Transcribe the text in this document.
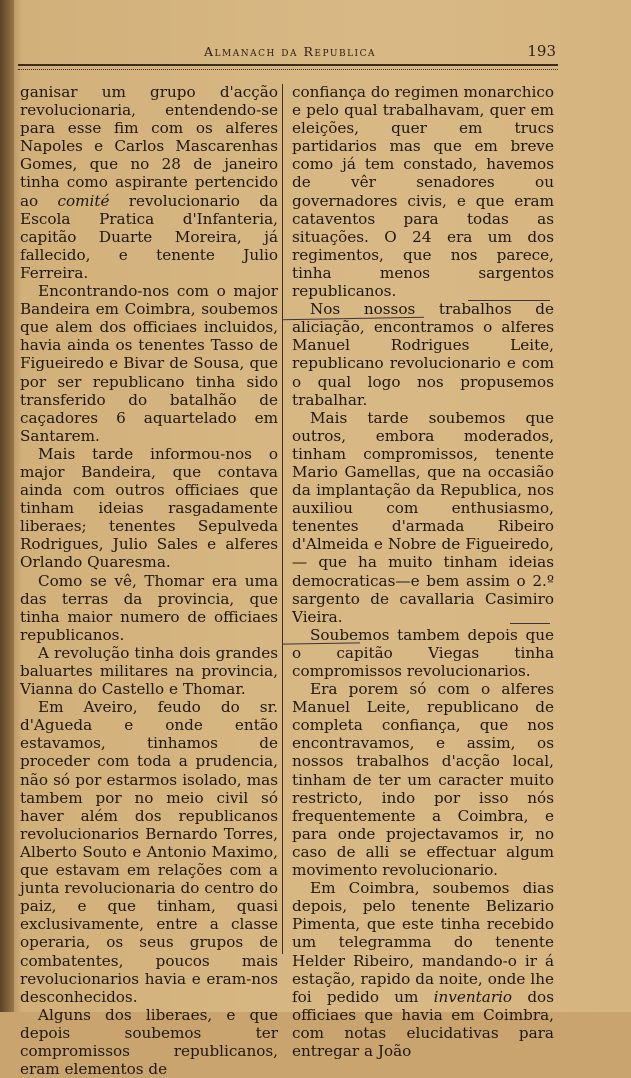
Almanach da Republica	193

ganisar um grupo d'acção revolucionaria, entendendo-se para esse fim com os alferes Napoles e Carlos Mascarenhas Gomes, que no 28 de janeiro tinha como aspirante pertencido ao comité revolucionario da Escola Pratica d'Infanteria, capitão Duarte Moreira, já fallecido, e tenente Julio Ferreira.

Encontrando-nos com o major Bandeira em Coimbra, soubemos que alem dos officiaes incluidos, havia ainda os tenentes Tasso de Figueiredo e Bivar de Sousa, que por ser republicano tinha sido transferido do batalhão de caçadores 6 aquartelado em Santarem.

Mais tarde informou-nos o major Bandeira, que contava ainda com outros officiaes que tinham ideias rasgadamente liberaes; tenentes Sepulveda Rodrigues, Julio Sales e alferes Orlando Quaresma.

Como se vê, Thomar era uma das terras da provincia, que tinha maior numero de officiaes republicanos.

A revolução tinha dois grandes baluartes militares na provincia, Vianna do Castello e Thomar.

Em Aveiro, feudo do sr. d'Agueda e onde então estavamos, tinhamos de proceder com toda a prudencia, não só por estarmos isolado, mas tambem por no meio civil só haver além dos republicanos revolucionarios Bernardo Torres, Alberto Souto e Antonio Maximo, que estavam em relações com a junta revolucionaria do centro do paiz, e que tinham, quasi exclusivamente, entre a classe operaria, os seus grupos de combatentes, poucos mais revolucionarios havia e eram-nos desconhecidos.

Alguns dos liberaes, e que depois soubemos ter compromissos republicanos, eram elementos de

confiança do regimen monarchico e pelo qual trabalhavam, quer em eleições, quer em trucs partidarios mas que em breve como já tem constado, havemos de vêr senadores ou governadores civis, e que eram cataventos para todas as situações. O 24 era um dos regimentos, que nos parece, tinha menos sargentos republicanos.

Nos nossos trabalhos de aliciação, encontramos o alferes Manuel Rodrigues Leite, republicano revolucionario e com o qual logo nos propusemos trabalhar.

Mais tarde soubemos que outros, embora moderados, tinham compromissos, tenente Mario Gamellas, que na occasião da implantação da Republica, nos auxiliou com enthusiasmo, tenentes d'armada Ribeiro d'Almeida e Nobre de Figueiredo, — que ha muito tinham ideias democraticas—e bem assim o 2.º sargento de cavallaria Casimiro Vieira.

Soubemos tambem depois que o capitão Viegas tinha compromissos revolucionarios.

Era porem só com o alferes Manuel Leite, republicano de completa confiança, que nos encontravamos, e assim, os nossos trabalhos d'acção local, tinham de ter um caracter muito restricto, indo por isso nós frequentemente a Coimbra, e para onde projectavamos ir, no caso de alli se effectuar algum movimento revolucionario.

Em Coimbra, soubemos dias depois, pelo tenente Belizario Pimenta, que este tinha recebido um telegramma do tenente Helder Ribeiro, mandando-o ir á estação, rapido da noite, onde lhe foi pedido um inventario dos officiaes que havia em Coimbra, com notas elucidativas para entregar a João
